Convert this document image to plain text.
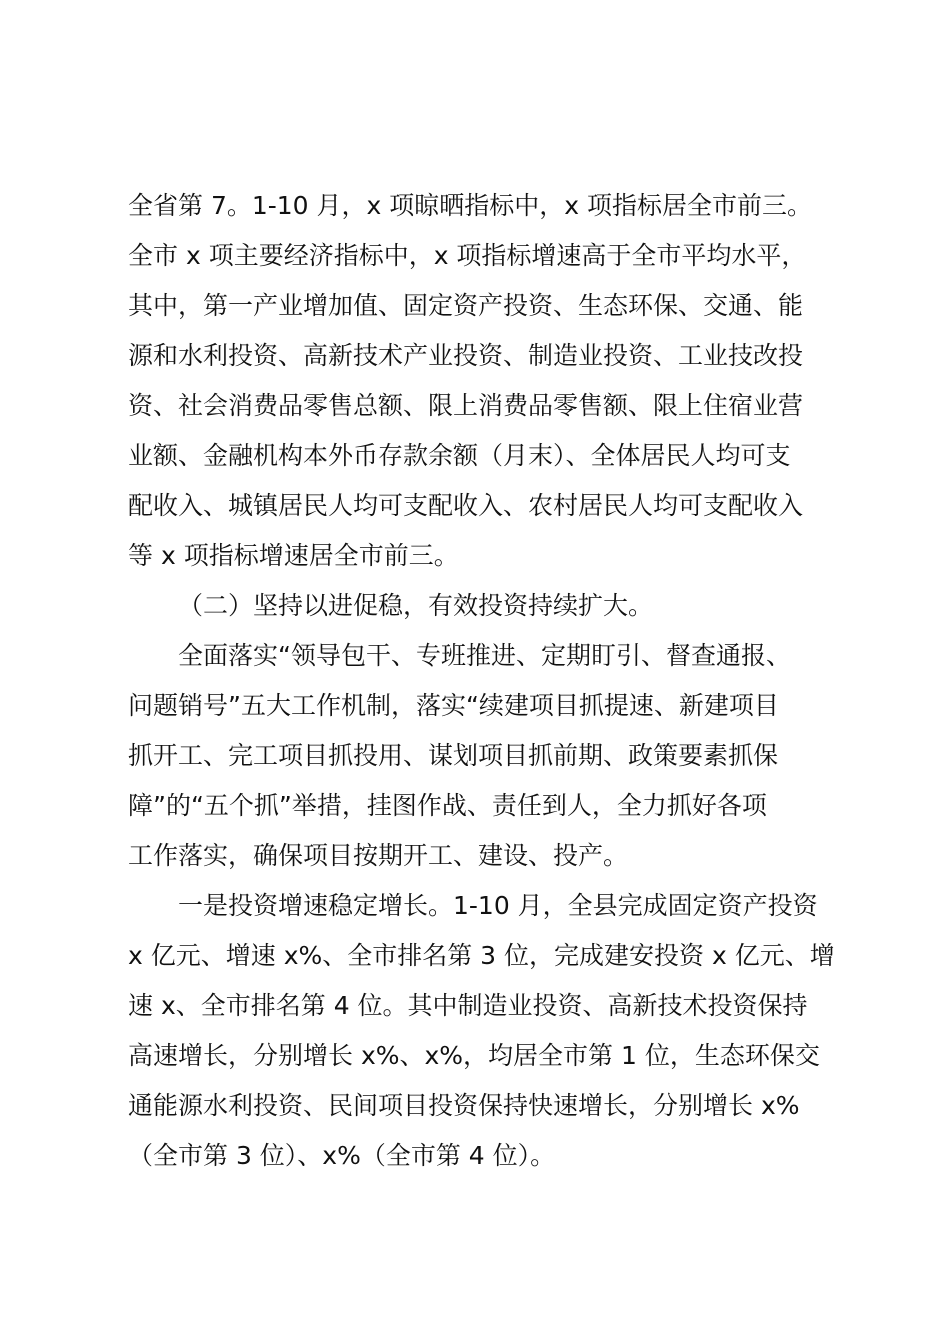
全省第 7。1-10 月，x 项晾晒指标中，x 项指标居全市前三。
全市 x 项主要经济指标中，x 项指标增速高于全市平均水平，
其中，第一产业增加值、固定资产投资、生态环保、交通、能
源和水利投资、高新技术产业投资、制造业投资、工业技改投
资、社会消费品零售总额、限上消费品零售额、限上住宿业营
业额、金融机构本外币存款余额（月末）、全体居民人均可支
配收入、城镇居民人均可支配收入、农村居民人均可支配收入
等 x 项指标增速居全市前三。
（二）坚持以进促稳，有效投资持续扩大。
全面落实“领导包干、专班推进、定期盯引、督查通报、
问题销号”五大工作机制，落实“续建项目抓提速、新建项目
抓开工、完工项目抓投用、谋划项目抓前期、政策要素抓保
障”的“五个抓”举措，挂图作战、责任到人，全力抓好各项
工作落实，确保项目按期开工、建设、投产。
一是投资增速稳定增长。1-10 月，全县完成固定资产投资
x 亿元、增速 x%、全市排名第 3 位，完成建安投资 x 亿元、增
速 x、全市排名第 4 位。其中制造业投资、高新技术投资保持
高速增长，分别增长 x%、x%，均居全市第 1 位，生态环保交
通能源水利投资、民间项目投资保持快速增长，分别增长 x%
（全市第 3 位）、x%（全市第 4 位）。
